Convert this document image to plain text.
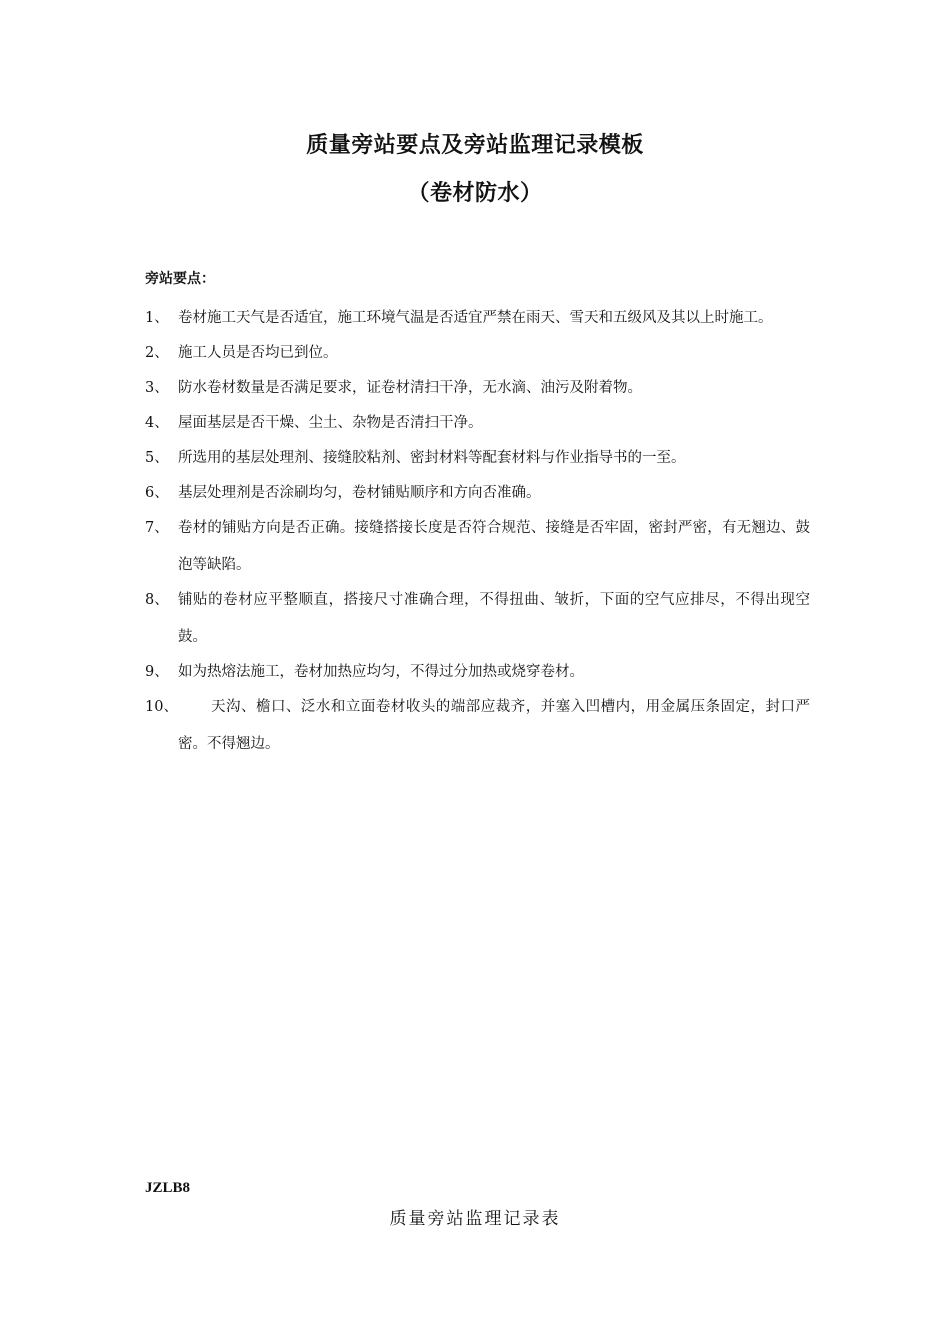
质量旁站要点及旁站监理记录模板
（卷材防水）
旁站要点：
1、 卷材施工天气是否适宜，施工环境气温是否适宜严禁在雨天、雪天和五级风及其以上时施工。
2、 施工人员是否均已到位。
3、 防水卷材数量是否满足要求，证卷材清扫干净，无水滴、油污及附着物。
4、 屋面基层是否干燥、尘土、杂物是否清扫干净。
5、 所选用的基层处理剂、接缝胶粘剂、密封材料等配套材料与作业指导书的一至。
6、 基层处理剂是否涂刷均匀，卷材铺贴顺序和方向否准确。
7、 卷材的铺贴方向是否正确。接缝搭接长度是否符合规范、接缝是否牢固，密封严密，有无翘边、鼓泡等缺陷。
8、 铺贴的卷材应平整顺直，搭接尺寸准确合理，不得扭曲、皱折，下面的空气应排尽，不得出现空鼓。
9、 如为热熔法施工，卷材加热应均匀，不得过分加热或烧穿卷材。
10、	天沟、檐口、泛水和立面卷材收头的端部应裁齐，并塞入凹槽内，用金属压条固定，封口严密。不得翘边。
JZLB8
质量旁站监理记录表
